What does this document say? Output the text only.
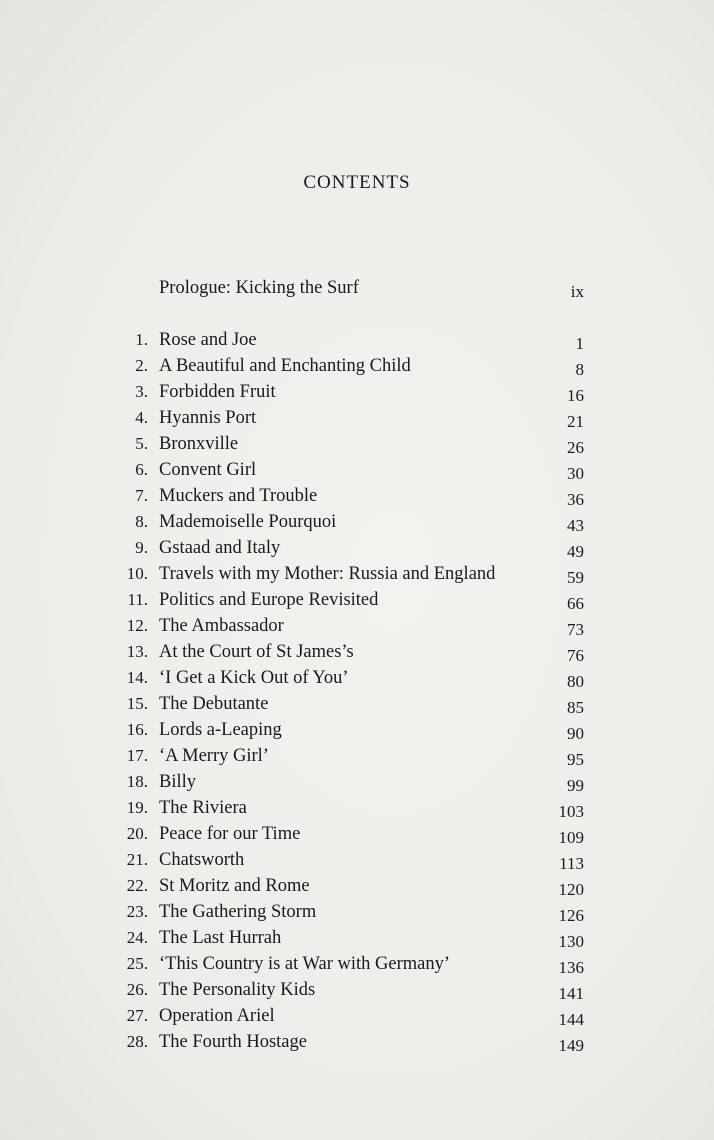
CONTENTS
Prologue: Kicking the Surf	ix
1. Rose and Joe	1
2. A Beautiful and Enchanting Child	8
3. Forbidden Fruit	16
4. Hyannis Port	21
5. Bronxville	26
6. Convent Girl	30
7. Muckers and Trouble	36
8. Mademoiselle Pourquoi	43
9. Gstaad and Italy	49
10. Travels with my Mother: Russia and England	59
11. Politics and Europe Revisited	66
12. The Ambassador	73
13. At the Court of St James’s	76
14. ‘I Get a Kick Out of You’	80
15. The Debutante	85
16. Lords a-Leaping	90
17. ‘A Merry Girl’	95
18. Billy	99
19. The Riviera	103
20. Peace for our Time	109
21. Chatsworth	113
22. St Moritz and Rome	120
23. The Gathering Storm	126
24. The Last Hurrah	130
25. ‘This Country is at War with Germany’	136
26. The Personality Kids	141
27. Operation Ariel	144
28. The Fourth Hostage	149
